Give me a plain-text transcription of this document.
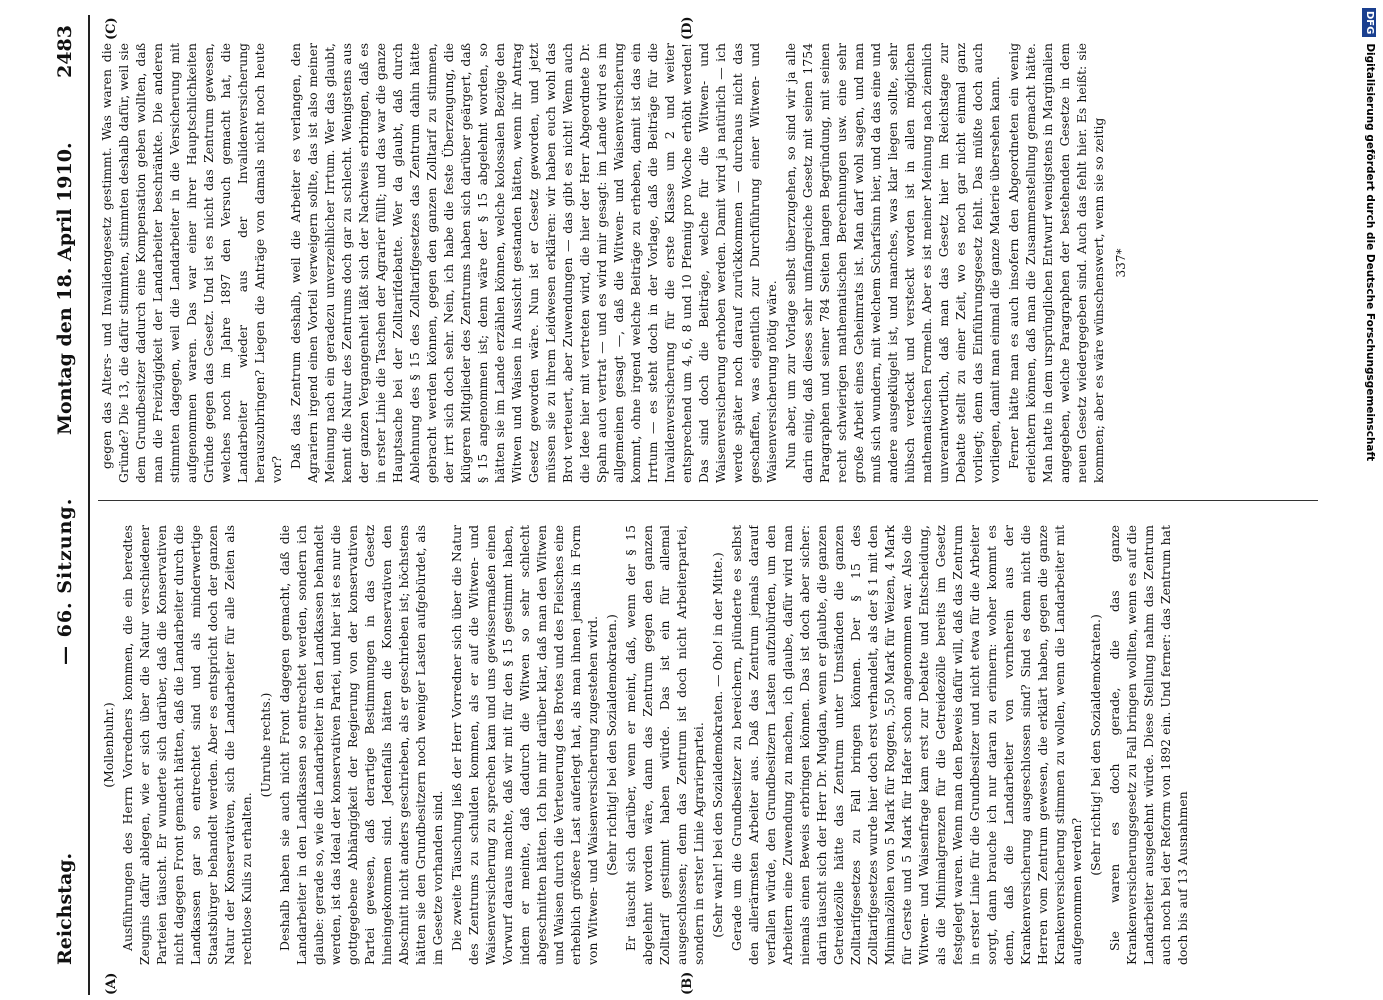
Reichstag.
— 66. Sitzung.
Montag den 18. April 1910.
2483
(A)	(B)
(C)	(D)

(Mollenbuhr.) Ausführungen des Herrn Vorredners kommen, die ein beredtes Zeugnis dafür ablegen, wie er sich über die Natur verschiedener Parteien täuscht. Er wunderte sich darüber, daß die Konservativen nicht dagegen Front gemacht hätten, daß die Landarbeiter durch die Landkassen gar so entrechtet sind und als minderwertige Staatsbürger behandelt werden. Aber es entspricht doch der ganzen Natur der Konservativen, sich die Landarbeiter für alle Zeiten als rechtlose Kulis zu erhalten.

(Unruhe rechts.) Deshalb haben sie auch nicht Front dagegen gemacht, daß die Landarbeiter in den Landkassen so entrechtet werden, sondern ich glaube: gerade so, wie die Landarbeiter in den Landkassen behandelt werden, ist das Ideal der konservativen Partei, und hier ist es nur die gottgegebene Abhängigkeit der Regierung von der konservativen Partei gewesen, daß derartige Bestimmungen in das Gesetz hineingekommen sind. Jedenfalls hätten die Konservativen den Abschnitt nicht anders geschrieben, als er geschrieben ist; höchstens hätten sie den Grundbesitzern noch weniger Lasten aufgebürdet, als im Gesetze vorhanden sind. Die zweite Täuschung ließ der Herr Vorredner sich über die Natur des Zentrums zu schulden kommen, als er auf die Witwen- und Waisenversicherung zu sprechen kam und uns gewissermaßen einen Vorwurf daraus machte, daß wir mit für den § 15 gestimmt haben, indem er meinte, daß dadurch die Witwen so sehr schlecht abgeschnitten hätten. Ich bin mir darüber klar, daß man den Witwen und Waisen durch die Verteuerung des Brotes und des Fleisches eine erheblich größere Last auferlegt hat, als man ihnen jemals in Form von Witwen- und Waisenversicherung zugestehen wird. (Sehr richtig! bei den Sozialdemokraten.) Er täuscht sich darüber, wenn er meint, daß, wenn der § 15 abgelehnt worden wäre, dann das Zentrum gegen den ganzen Zolltarif gestimmt haben würde. Das ist ein für allemal ausgeschlossen; denn das Zentrum ist doch nicht Arbeiterpartei, sondern in erster Linie Agrarierpartei. (Sehr wahr! bei den Sozialdemokraten. — Oho! in der Mitte.) Gerade um die Grundbesitzer zu bereichern, plünderte es selbst den allerärmsten Arbeiter aus. Daß das Zentrum jemals darauf verfallen würde, den Grundbesitzern Lasten aufzubürden, um den Arbeitern eine Zuwendung zu machen, ich glaube, dafür wird man niemals einen Beweis erbringen können. Das ist doch aber sicher: darin täuscht sich der Herr Dr. Mugdan, wenn er glaubte, die ganzen Getreidezölle hätte das Zentrum unter Umständen die ganzen Zolltarifgesetzes zu Fall bringen können. Der § 15 des Zolltarifgesetzes wurde hier doch erst verhandelt, als der § 1 mit den Minimalzöllen von 5 Mark für Roggen, 5,50 Mark für Weizen, 4 Mark für Gerste und 5 Mark für Hafer schon angenommen war. Also die Witwen- und Waisenfrage kam erst zur Debatte und Entscheidung, als die Minimalgrenzen für die Getreidezölle bereits im Gesetz festgelegt waren. Wenn man den Beweis dafür will, daß das Zentrum in erster Linie für die Grundbesitzer und nicht etwa für die Arbeiter sorgt, dann brauche ich nur daran zu erinnern: woher kommt es denn, daß die Landarbeiter von vornherein aus der Krankenversicherung ausgeschlossen sind? Sind es denn nicht die Herren vom Zentrum gewesen, die erklärt haben, gegen die ganze Krankenversicherung stimmen zu wollen, wenn die Landarbeiter mit aufgenommen werden?

(Sehr richtig! bei den Sozialdemokraten.) Sie waren es doch gerade, die das ganze Krankenversicherungsgesetz zu Fall bringen wollten, wenn es auf die Landarbeiter ausgedehnt würde. Diese Stellung nahm das Zentrum auch noch bei der Reform von 1892 ein. Und ferner: das Zentrum hat doch bis auf 13 Ausnahmen

gegen das Alters- und Invalidengesetz gestimmt. Was waren die Gründe? Die 13, die dafür stimmten, stimmten deshalb dafür, weil sie dem Grundbesitzer dadurch eine Kompensation geben wollten, daß man die Freizügigkeit der Landarbeiter beschränkte. Die anderen stimmten dagegen, weil die Landarbeiter in die Versicherung mit aufgenommen waren. Das war einer ihrer Hauptschlichkeiten Gründe gegen das Gesetz. Und ist es nicht das Zentrum gewesen, welches noch im Jahre 1897 den Versuch gemacht hat, die Landarbeiter wieder aus der Invalidenversicherung herauszubringen? Liegen die Anträge von damals nicht noch heute vor?

Daß das Zentrum deshalb, weil die Arbeiter es verlangen, den Agrariern irgend einen Vorteil verweigern sollte, das ist also meiner Meinung nach ein geradezu unverzeihlicher Irrtum. Wer das glaubt, kennt die Natur des Zentrums doch gar zu schlecht. Wenigstens aus der ganzen Vergangenheit läßt sich der Nachweis erbringen, daß es in erster Linie die Taschen der Agrarier füllt; und das war die ganze Hauptsache bei der Zolltarifdebatte. Wer da glaubt, daß durch Ablehnung des § 15 des Zolltarifgesetzes das Zentrum dahin hätte gebracht werden können, gegen den ganzen Zolltarif zu stimmen, der irrt sich doch sehr. Nein, ich habe die feste Überzeugung, die klügeren Mitglieder des Zentrums haben sich darüber geärgert, daß § 15 angenommen ist; denn wäre der § 15 abgelehnt worden, so hätten sie im Lande erzählen können, welche kolossalen Bezüge den Witwen und Waisen in Aussicht gestanden hätten, wenn ihr Antrag Gesetz geworden wäre. Nun ist er Gesetz geworden, und jetzt müssen sie zu ihrem Leidwesen erklären: wir haben euch wohl das Brot verteuert, aber Zuwendungen — das gibt es nicht! Wenn auch die Idee hier mit vertreten wird, die hier der Herr Abgeordnete Dr. Spahn auch vertrat — und es wird mir gesagt: im Lande wird es im allgemeinen gesagt —, daß die Witwen- und Waisenversicherung kommt, ohne irgend welche Beiträge zu erheben, damit ist das ein Irrtum — es steht doch in der Vorlage, daß die Beiträge für die Invalidenversicherung für die erste Klasse um 2 und weiter entsprechend um 4, 6, 8 und 10 Pfennig pro Woche erhöht werden! Das sind doch die Beiträge, welche für die Witwen- und Waisenversicherung erhoben werden. Damit wird ja natürlich — ich werde später noch darauf zurückkommen — durchaus nicht das geschaffen, was eigentlich zur Durchführung einer Witwen- und Waisenversicherung nötig wäre. Nun aber, um zur Vorlage selbst überzugehen, so sind wir ja alle darin einig, daß dieses sehr umfangreiche Gesetz mit seinen 1754 Paragraphen und seiner 784 Seiten langen Begründung, mit seinen recht schwierigen mathematischen Berechnungen usw. eine sehr große Arbeit eines Geheimrats ist. Man darf wohl sagen, und man muß sich wundern, mit welchem Scharfsinn hier, und da das eine und andere ausgeklügelt ist, und manches, was klar liegen sollte, sehr hübsch verdeckt und versteckt worden ist in allen möglichen mathematischen Formeln. Aber es ist meiner Meinung nach ziemlich unverantwortlich, daß man das Gesetz hier im Reichstage zur Debatte stellt zu einer Zeit, wo es noch gar nicht einmal ganz vorliegt; denn das Einführungsgesetz fehlt. Das müßte doch auch vorliegen, damit man einmal die ganze Materie übersehen kann. Ferner hätte man es auch insofern den Abgeordneten ein wenig erleichtern können, daß man die Zusammenstellung gemacht hätte. Man hatte in dem ursprünglichen Entwurf wenigstens in Marginalien angegeben, welche Paragraphen der bestehenden Gesetze in dem neuen Gesetz wiedergegeben sind. Auch das fehlt hier. Es heißt: sie kommen; aber es wäre wünschenswert, wenn sie so zeitig 337*

DFGDigitalisierung gefördert durch die Deutsche Forschungsgemeinschaft
